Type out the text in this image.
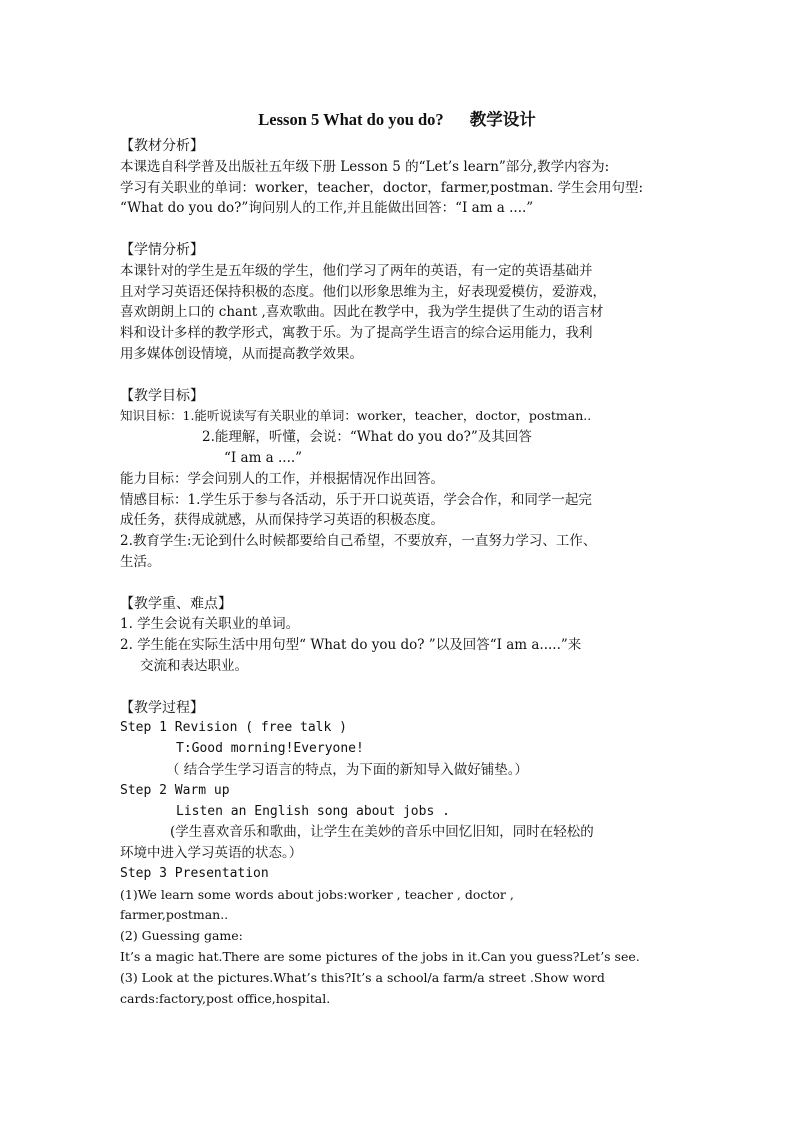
Lesson 5 What do you do? 教学设计
【教材分析】
本课选自科学普及出版社五年级下册 Lesson 5 的“Let’s learn”部分,教学内容为:
学习有关职业的单词：worker，teacher，doctor，farmer,postman. 学生会用句型:
“What do you do?”询问别人的工作,并且能做出回答：“I am a ....”
【学情分析】
本课针对的学生是五年级的学生，他们学习了两年的英语，有一定的英语基础并
且对学习英语还保持积极的态度。他们以形象思维为主，好表现爱模仿，爱游戏，
喜欢朗朗上口的 chant ,喜欢歌曲。因此在教学中，我为学生提供了生动的语言材
料和设计多样的教学形式，寓教于乐。为了提高学生语言的综合运用能力，我利
用多媒体创设情境，从而提高教学效果。
【教学目标】
知识目标：1.能听说读写有关职业的单词：worker，teacher，doctor，postman..
2.能理解，听懂，会说：“What do you do?”及其回答
“I am a ....”
能力目标：学会问别人的工作，并根据情况作出回答。
情感目标：1.学生乐于参与各活动，乐于开口说英语，学会合作，和同学一起完
成任务，获得成就感，从而保持学习英语的积极态度。
2.教育学生:无论到什么时候都要给自己希望，不要放弃，一直努力学习、工作、
生活。
【教学重、难点】
1. 学生会说有关职业的单词。
2. 学生能在实际生活中用句型“ What do you do? ”以及回答“I am a.....”来
交流和表达职业。
【教学过程】
Step 1 Revision ( free talk )
T:Good morning!Everyone!
（ 结合学生学习语言的特点，为下面的新知导入做好铺垫。）
Step 2 Warm up
Listen an English song about jobs .
(学生喜欢音乐和歌曲，让学生在美妙的音乐中回忆旧知，同时在轻松的
环境中进入学习英语的状态。）
Step 3 Presentation
(1)We learn some words about jobs:worker , teacher , doctor ,
farmer,postman..
(2) Guessing game:
It’s a magic hat.There are some pictures of the jobs in it.Can you guess?Let’s see.
(3) Look at the pictures.What’s this?It’s a school/a farm/a street .Show word
cards:factory,post office,hospital.
